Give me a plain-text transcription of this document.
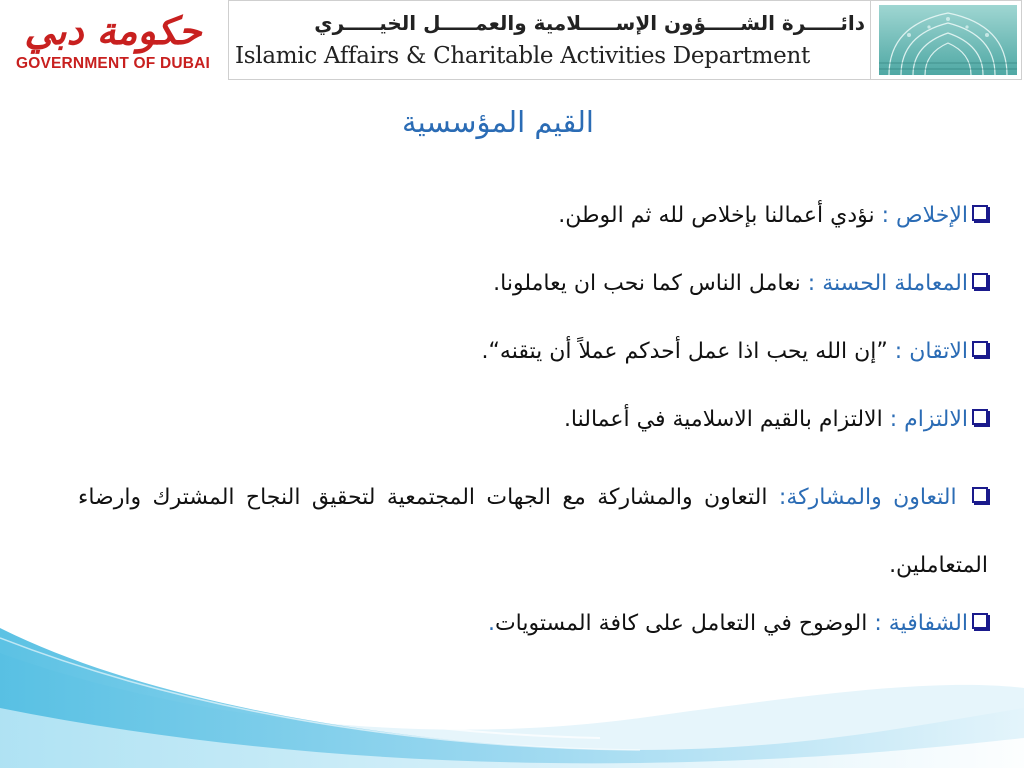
حكومة دبي
GOVERNMENT OF DUBAI
دائـــــرة الشـــــؤون الإســـــلامية والعمـــــل الخيـــــري
Islamic Affairs & Charitable Activities Department
القيم المؤسسية
الإخلاص : نؤدي أعمالنا بإخلاص لله ثم الوطن.
المعاملة الحسنة : نعامل الناس كما نحب ان يعاملونا.
الاتقان : ”إن الله يحب اذا عمل أحدكم عملاً أن يتقنه“.
الالتزام : الالتزام بالقيم الاسلامية في أعمالنا.
التعاون والمشاركة: التعاون والمشاركة مع الجهات المجتمعية لتحقيق النجاح المشترك وارضاء المتعاملين.
الشفافية : الوضوح في التعامل على كافة المستويات.
